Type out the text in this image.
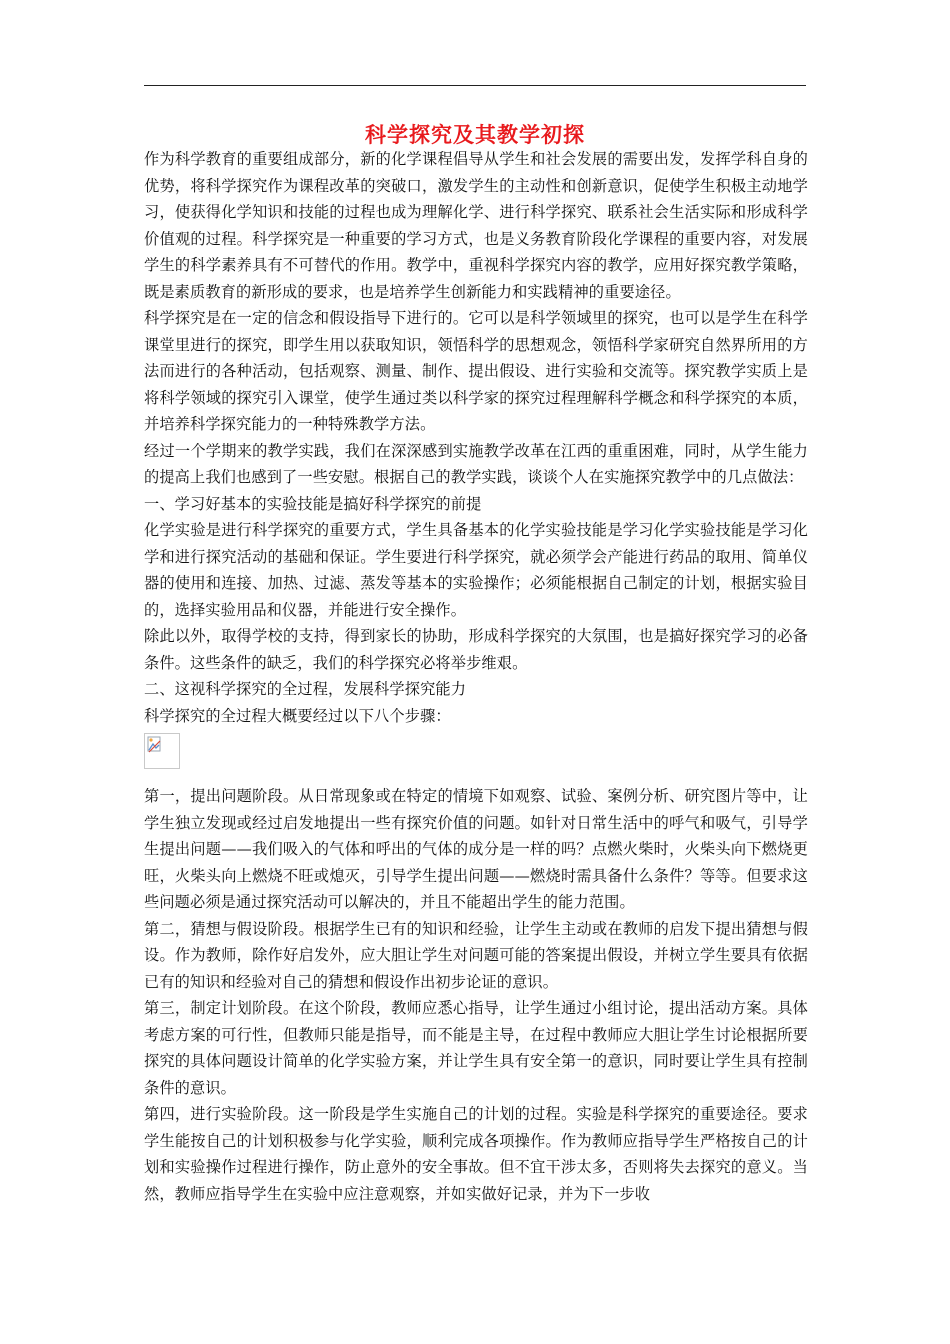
科学探究及其教学初探

作为科学教育的重要组成部分，新的化学课程倡导从学生和社会发展的需要出发，发挥学科自身的优势，将科学探究作为课程改革的突破口，激发学生的主动性和创新意识，促使学生积极主动地学习，使获得化学知识和技能的过程也成为理解化学、进行科学探究、联系社会生活实际和形成科学价值观的过程。科学探究是一种重要的学习方式，也是义务教育阶段化学课程的重要内容，对发展学生的科学素养具有不可替代的作用。教学中，重视科学探究内容的教学，应用好探究教学策略，既是素质教育的新形成的要求，也是培养学生创新能力和实践精神的重要途径。

科学探究是在一定的信念和假设指导下进行的。它可以是科学领域里的探究，也可以是学生在科学课堂里进行的探究，即学生用以获取知识，领悟科学的思想观念，领悟科学家研究自然界所用的方法而进行的各种活动，包括观察、测量、制作、提出假设、进行实验和交流等。探究教学实质上是将科学领域的探究引入课堂，使学生通过类以科学家的探究过程理解科学概念和科学探究的本质，并培养科学探究能力的一种特殊教学方法。

经过一个学期来的教学实践，我们在深深感到实施教学改革在江西的重重困难，同时，从学生能力的提高上我们也感到了一些安慰。根据自己的教学实践，谈谈个人在实施探究教学中的几点做法：

一、学习好基本的实验技能是搞好科学探究的前提

化学实验是进行科学探究的重要方式，学生具备基本的化学实验技能是学习化学实验技能是学习化学和进行探究活动的基础和保证。学生要进行科学探究，就必须学会产能进行药品的取用、简单仪器的使用和连接、加热、过滤、蒸发等基本的实验操作；必须能根据自己制定的计划，根据实验目的，选择实验用品和仪器，并能进行安全操作。

除此以外，取得学校的支持，得到家长的协助，形成科学探究的大氛围，也是搞好探究学习的必备条件。这些条件的缺乏，我们的科学探究必将举步维艰。

二、这视科学探究的全过程，发展科学探究能力

科学探究的全过程大概要经过以下八个步骤：

第一，提出问题阶段。从日常现象或在特定的情境下如观察、试验、案例分析、研究图片等中，让学生独立发现或经过启发地提出一些有探究价值的问题。如针对日常生活中的呼气和吸气，引导学生提出问题——我们吸入的气体和呼出的气体的成分是一样的吗？点燃火柴时，火柴头向下燃烧更旺，火柴头向上燃烧不旺或熄灭，引导学生提出问题——燃烧时需具备什么条件？等等。但要求这些问题必须是通过探究活动可以解决的，并且不能超出学生的能力范围。

第二，猜想与假设阶段。根据学生已有的知识和经验，让学生主动或在教师的启发下提出猜想与假设。作为教师，除作好启发外，应大胆让学生对问题可能的答案提出假设，并树立学生要具有依据已有的知识和经验对自己的猜想和假设作出初步论证的意识。

第三，制定计划阶段。在这个阶段，教师应悉心指导，让学生通过小组讨论，提出活动方案。具体考虑方案的可行性，但教师只能是指导，而不能是主导，在过程中教师应大胆让学生讨论根据所要探究的具体问题设计简单的化学实验方案，并让学生具有安全第一的意识，同时要让学生具有控制条件的意识。

第四，进行实验阶段。这一阶段是学生实施自己的计划的过程。实验是科学探究的重要途径。要求学生能按自己的计划积极参与化学实验，顺利完成各项操作。作为教师应指导学生严格按自己的计划和实验操作过程进行操作，防止意外的安全事故。但不宜干涉太多，否则将失去探究的意义。当然，教师应指导学生在实验中应注意观察，并如实做好记录，并为下一步收
